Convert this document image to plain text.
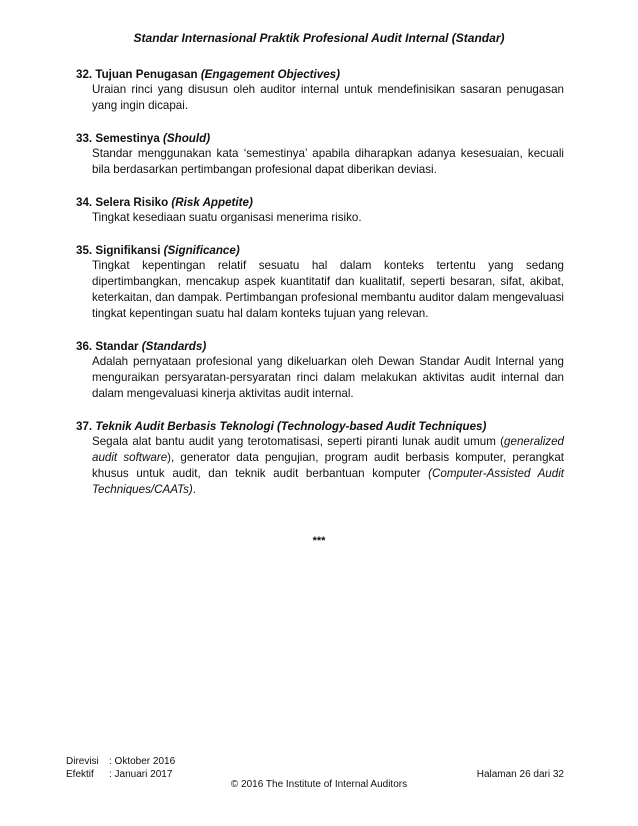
Standar Internasional Praktik Profesional Audit Internal (Standar)
32. Tujuan Penugasan (Engagement Objectives)
Uraian rinci yang disusun oleh auditor internal untuk mendefinisikan sasaran penugasan yang ingin dicapai.
33. Semestinya (Should)
Standar menggunakan kata ‘semestinya’ apabila diharapkan adanya kesesuaian, kecuali bila berdasarkan pertimbangan profesional dapat diberikan deviasi.
34. Selera Risiko (Risk Appetite)
Tingkat kesediaan suatu organisasi menerima risiko.
35. Signifikansi (Significance)
Tingkat kepentingan relatif sesuatu hal dalam konteks tertentu yang sedang dipertimbangkan, mencakup aspek kuantitatif dan kualitatif, seperti besaran, sifat, akibat, keterkaitan, dan dampak. Pertimbangan profesional membantu auditor dalam mengevaluasi tingkat kepentingan suatu hal dalam konteks tujuan yang relevan.
36. Standar (Standards)
Adalah pernyataan profesional yang dikeluarkan oleh Dewan Standar Audit Internal yang menguraikan persyaratan-persyaratan rinci dalam melakukan aktivitas audit internal dan dalam mengevaluasi kinerja aktivitas audit internal.
37. Teknik Audit Berbasis Teknologi (Technology-based Audit Techniques)
Segala alat bantu audit yang terotomatisasi, seperti piranti lunak audit umum (generalized audit software), generator data pengujian, program audit berbasis komputer, perangkat khusus untuk audit, dan teknik audit berbantuan komputer (Computer-Assisted Audit Techniques/CAATs).
***
Direvisi : Oktober 2016
Efektif : Januari 2017	Halaman 26 dari 32
© 2016 The Institute of Internal Auditors
